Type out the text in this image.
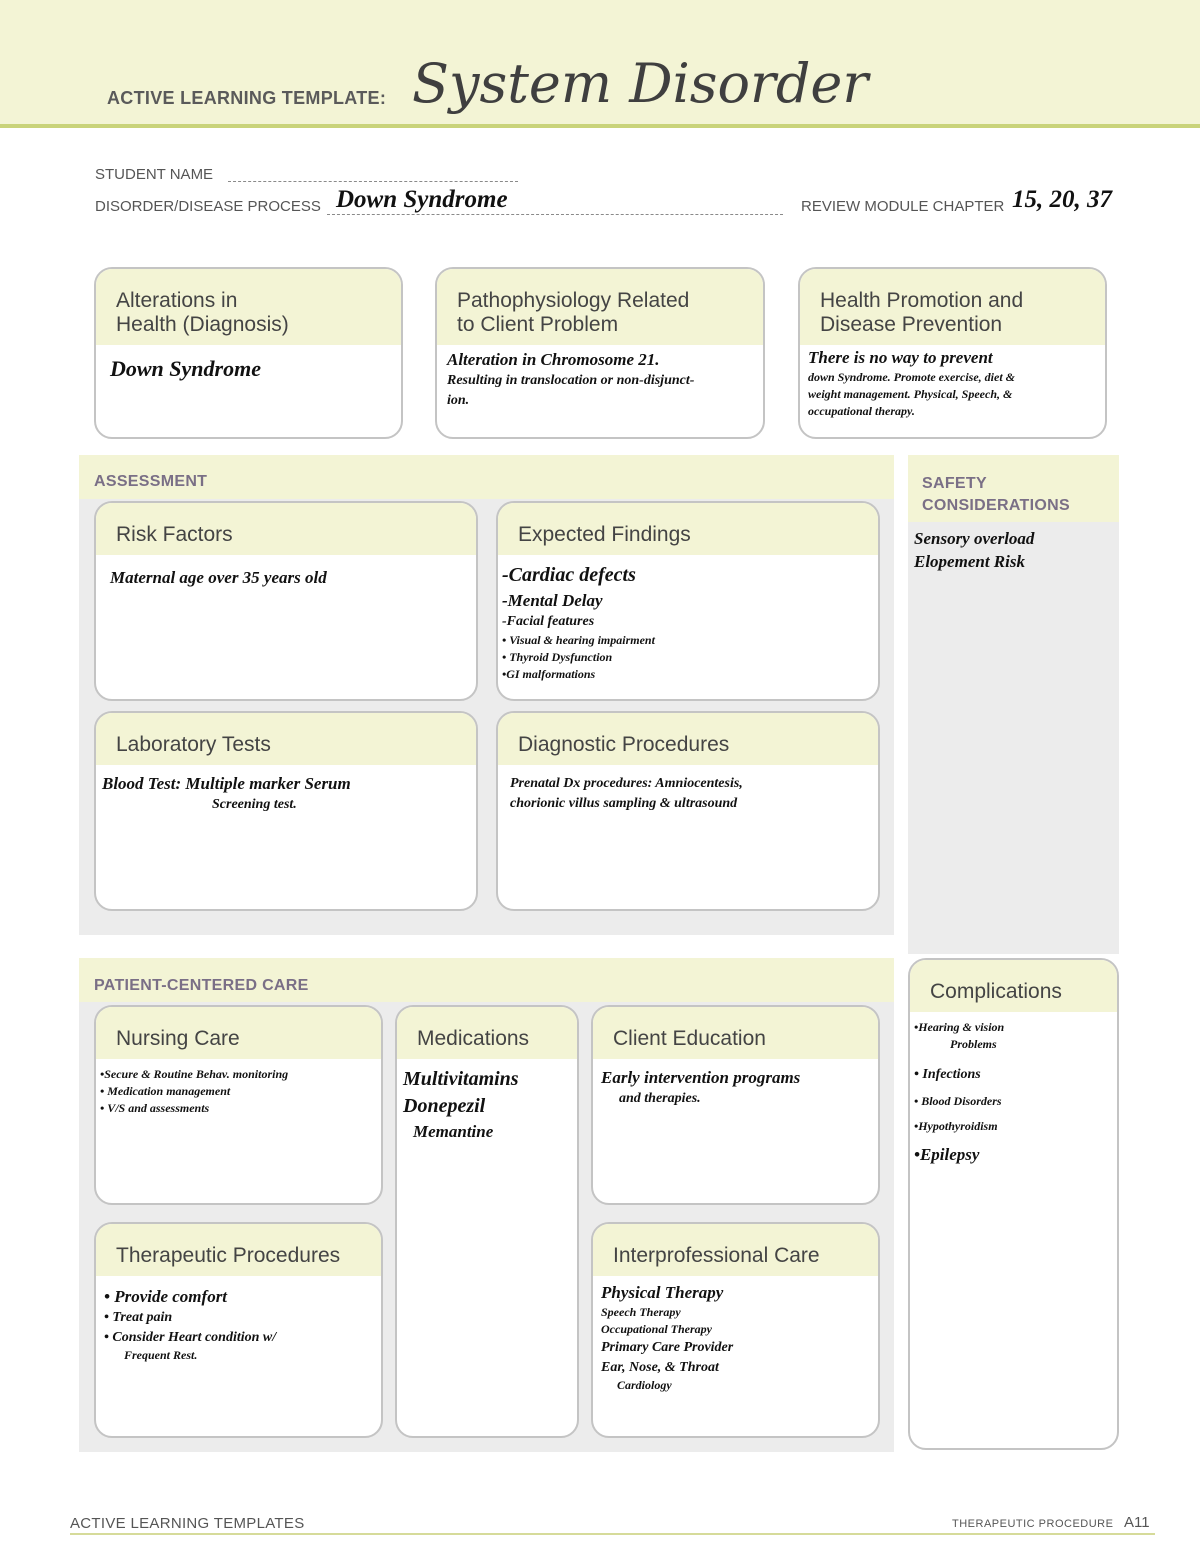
ACTIVE LEARNING TEMPLATE: System Disorder
STUDENT NAME
DISORDER/DISEASE PROCESS Down Syndrome	REVIEW MODULE CHAPTER 15, 20, 37
Alterations in
Health (Diagnosis)
Down Syndrome
Pathophysiology Related
to Client Problem
Alteration in Chromosome 21.
Resulting in translocation or non-disjunct-
ion.
Health Promotion and
Disease Prevention
There is no way to prevent
down Syndrome. Promote exercise, diet &
weight management. Physical, Speech, &
occupational therapy.
ASSESSMENT
Risk Factors
Maternal age over 35 years old
Expected Findings
-Cardiac defects
-Mental Delay
-Facial features
• Visual & hearing impairment
• Thyroid Dysfunction
•GI malformations
Laboratory Tests
Blood Test: Multiple marker Serum
Screening test.
Diagnostic Procedures
Prenatal Dx procedures: Amniocentesis,
chorionic villus sampling & ultrasound
SAFETY CONSIDERATIONS
Sensory overload
Elopement Risk
PATIENT-CENTERED CARE
Nursing Care
•Secure & Routine Behav. monitoring
• Medication management
• V/S and assessments
Medications
Multivitamins
Donepezil
Memantine
Client Education
Early intervention programs
and therapies.
Therapeutic Procedures
• Provide comfort
• Treat pain
• Consider Heart condition w/
Frequent Rest.
Interprofessional Care
Physical Therapy
Speech Therapy
Occupational Therapy
Primary Care Provider
Ear, Nose, & Throat
Cardiology
Complications
•Hearing & vision
Problems
• Infections
• Blood Disorders
•Hypothyroidism
•Epilepsy
ACTIVE LEARNING TEMPLATES	THERAPEUTIC PROCEDURE A11
